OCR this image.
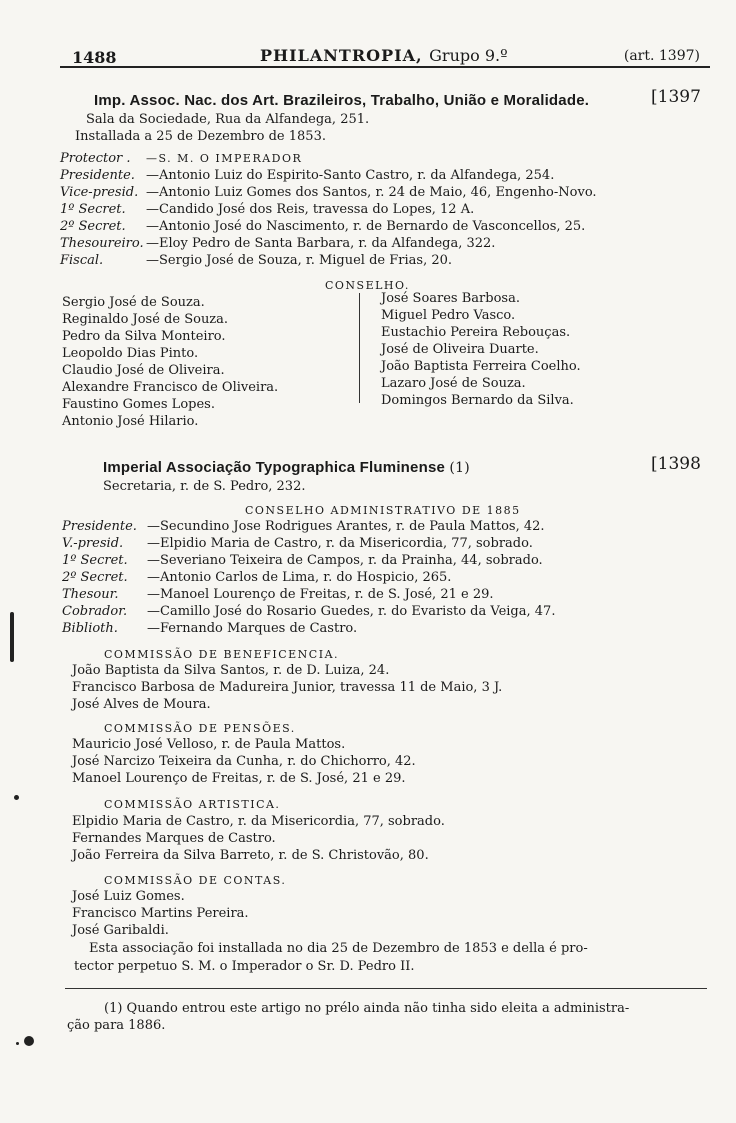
1488	PHILANTROPIA, Grupo 9.º	(art. 1397)
Imp. Assoc. Nac. dos Art. Brazileiros, Trabalho, União e Moralidade.	[1397
Sala da Sociedade, Rua da Alfandega, 251.
Installada a 25 de Dezembro de 1853.
Protector . —S. M. O IMPERADOR
Presidente. —Antonio Luiz do Espirito-Santo Castro, r. da Alfandega, 254.
Vice-presid. —Antonio Luiz Gomes dos Santos, r. 24 de Maio, 46, Engenho-Novo.
1º Secret. —Candido José dos Reis, travessa do Lopes, 12 A.
2º Secret. —Antonio José do Nascimento, r. de Bernardo de Vasconcellos, 25.
Thesoureiro. —Eloy Pedro de Santa Barbara, r. da Alfandega, 322.
Fiscal.	—Sergio José de Souza, r. Miguel de Frias, 20.
CONSELHO.
Sergio José de Souza.
Reginaldo José de Souza.
Pedro da Silva Monteiro.
Leopoldo Dias Pinto.
Claudio José de Oliveira.
Alexandre Francisco de Oliveira.
Faustino Gomes Lopes.
Antonio José Hilario.
José Soares Barbosa.
Miguel Pedro Vasco.
Eustachio Pereira Rebouças.
José de Oliveira Duarte.
João Baptista Ferreira Coelho.
Lazaro José de Souza.
Domingos Bernardo da Silva.
Imperial Associação Typographica Fluminense (1)	[1398
Secretaria, r. de S. Pedro, 232.
CONSELHO ADMINISTRATIVO DE 1885
Presidente. —Secundino Jose Rodrigues Arantes, r. de Paula Mattos, 42.
V.-presid. —Elpidio Maria de Castro, r. da Misericordia, 77, sobrado.
1º Secret. —Severiano Teixeira de Campos, r. da Prainha, 44, sobrado.
2º Secret. —Antonio Carlos de Lima, r. do Hospicio, 265.
Thesour. —Manoel Lourenço de Freitas, r. de S. José, 21 e 29.
Cobrador. —Camillo José do Rosario Guedes, r. do Evaristo da Veiga, 47.
Biblioth. —Fernando Marques de Castro.
COMMISSÃO DE BENEFICENCIA.
João Baptista da Silva Santos, r. de D. Luiza, 24.
Francisco Barbosa de Madureira Junior, travessa 11 de Maio, 3 J.
José Alves de Moura.
COMMISSÃO DE PENSÕES.
Mauricio José Velloso, r. de Paula Mattos.
José Narcizo Teixeira da Cunha, r. do Chichorro, 42.
Manoel Lourenço de Freitas, r. de S. José, 21 e 29.
COMMISSÃO ARTISTICA.
Elpidio Maria de Castro, r. da Misericordia, 77, sobrado.
Fernandes Marques de Castro.
João Ferreira da Silva Barreto, r. de S. Christovão, 80.
COMMISSÃO DE CONTAS.
José Luiz Gomes.
Francisco Martins Pereira.
José Garibaldi.
Esta associação foi installada no dia 25 de Dezembro de 1853 e della é pro-
tector perpetuo S. M. o Imperador o Sr. D. Pedro II.
(1) Quando entrou este artigo no prélo ainda não tinha sido eleita a administra-
ção para 1886.
